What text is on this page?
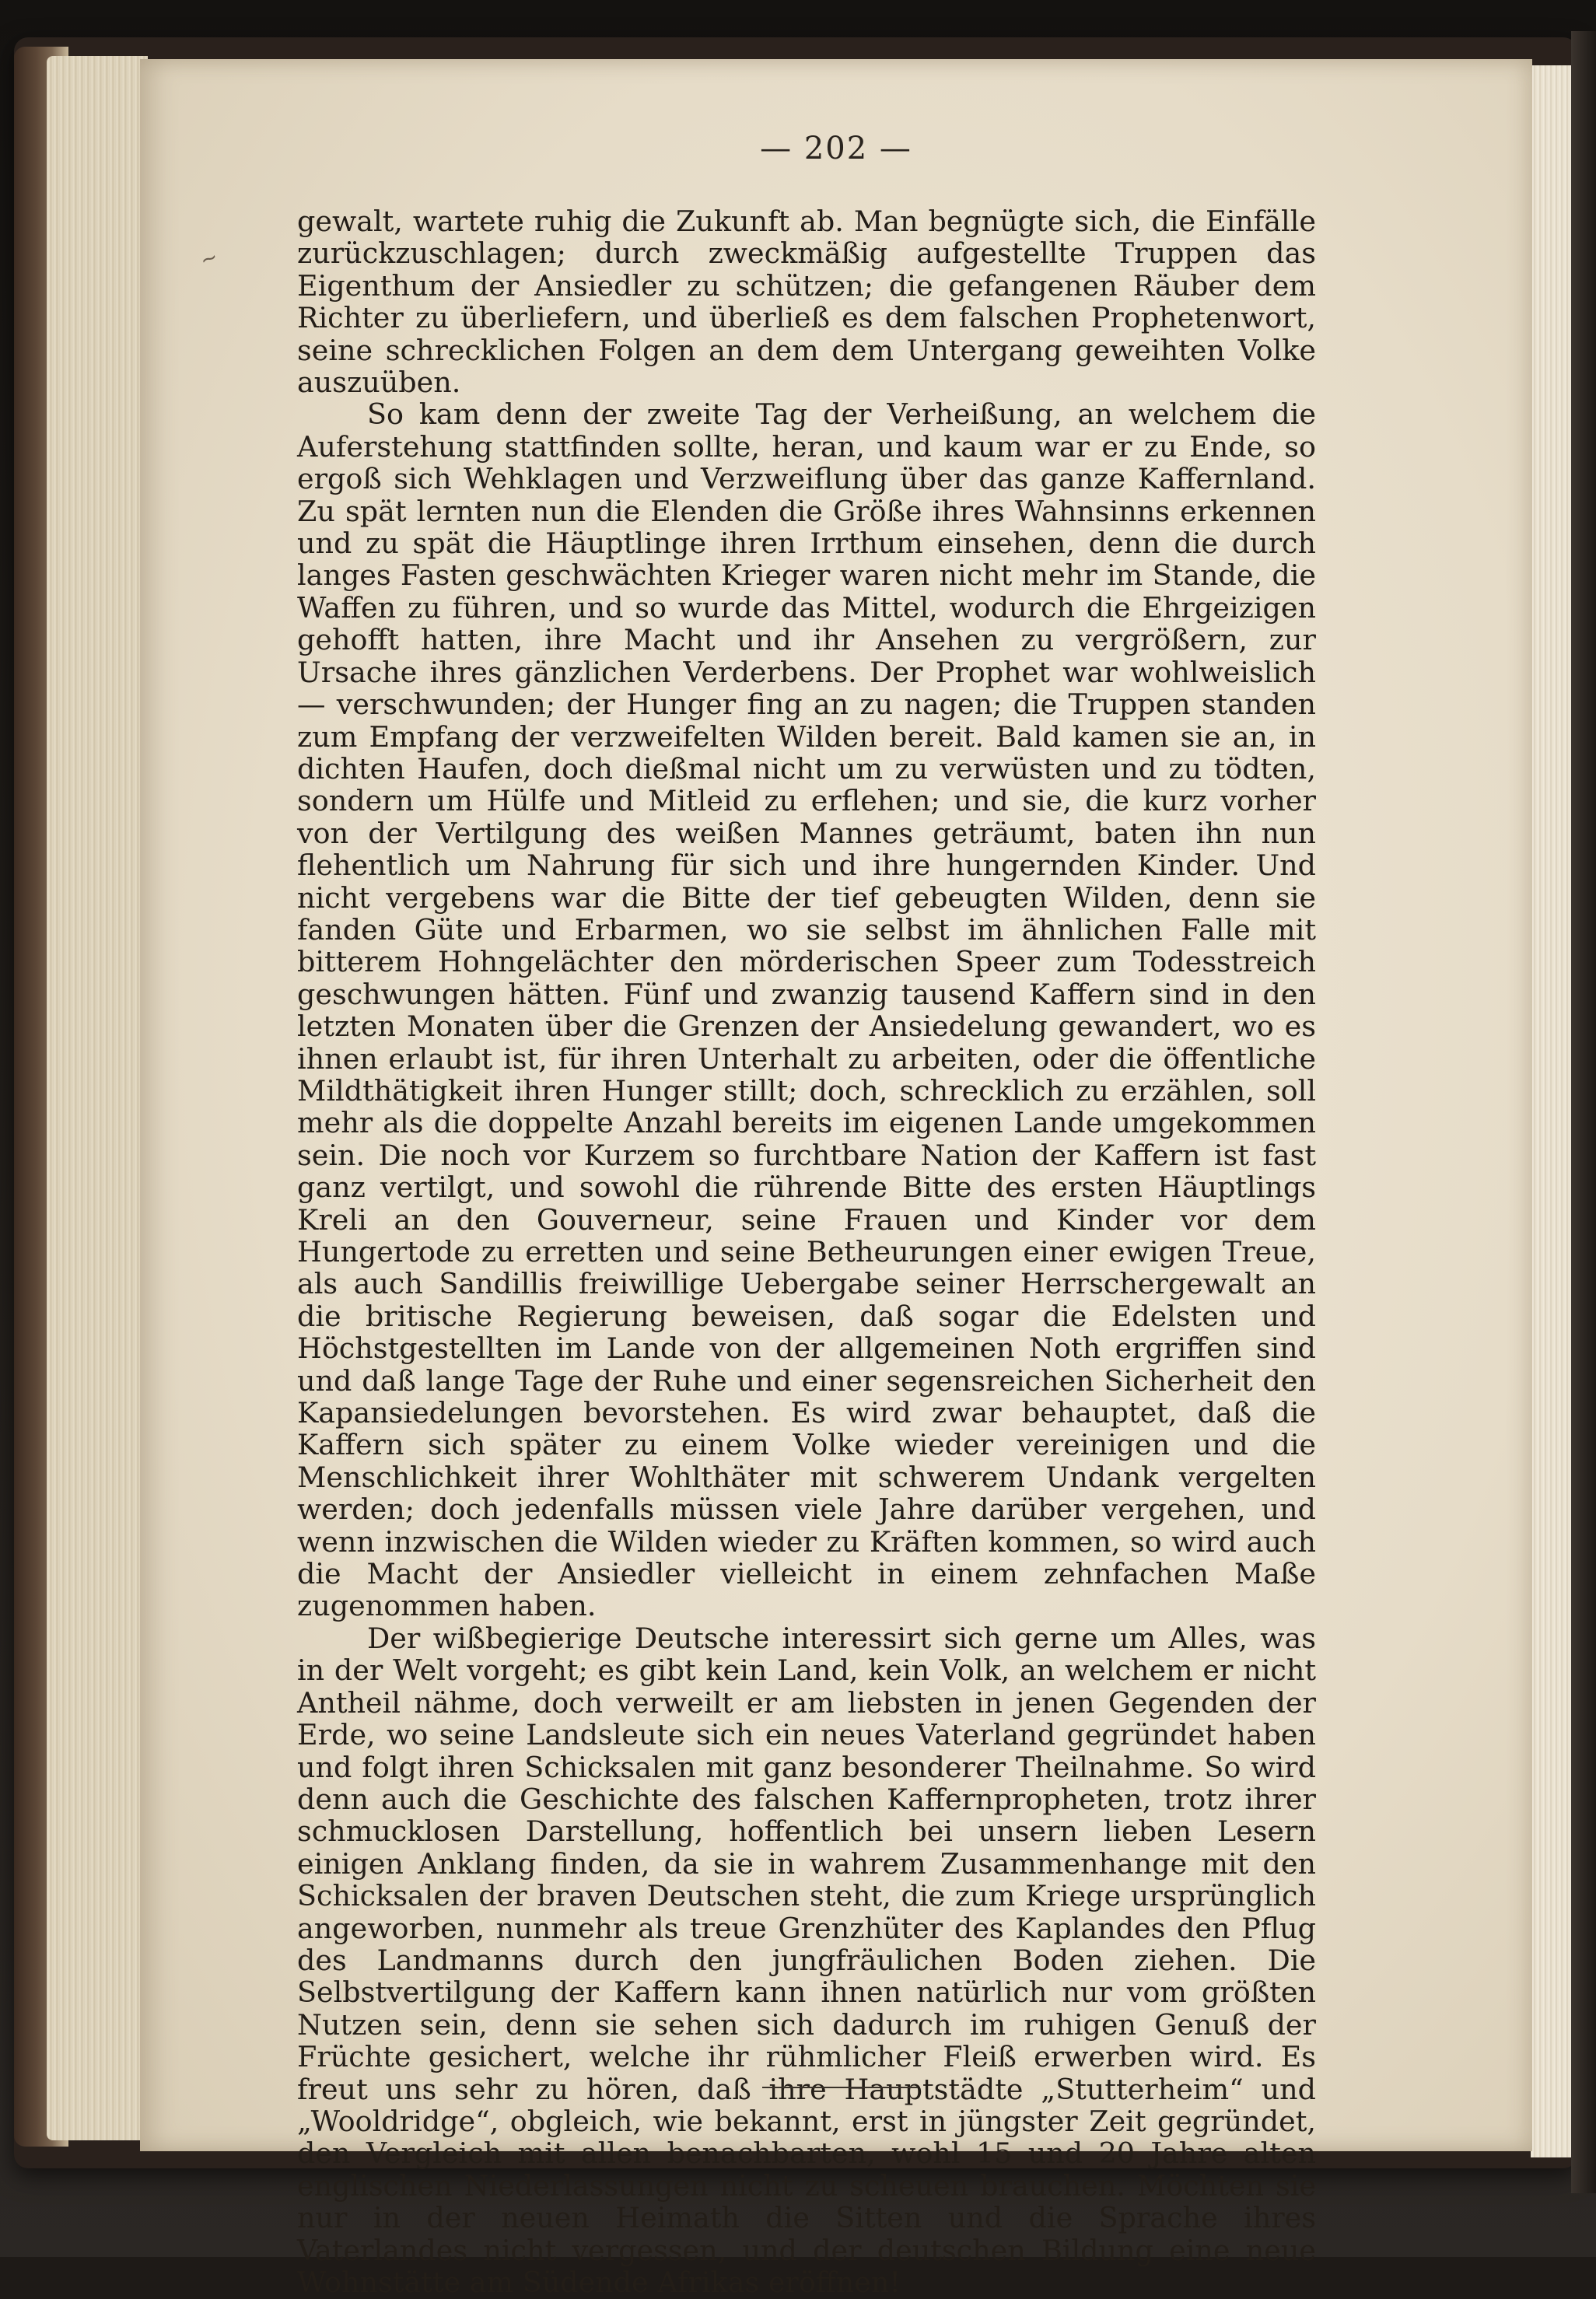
~
— 202 —

gewalt, wartete ruhig die Zukunft ab. Man begnügte sich, die Einfälle zurückzuschlagen; durch zweckmäßig aufgestellte Truppen das Eigenthum der Ansiedler zu schützen; die gefangenen Räuber dem Richter zu überliefern, und überließ es dem falschen Prophetenwort, seine schrecklichen Folgen an dem dem Untergang geweihten Volke auszuüben.

So kam denn der zweite Tag der Verheißung, an welchem die Auferstehung stattfinden sollte, heran, und kaum war er zu Ende, so ergoß sich Wehklagen und Verzweiflung über das ganze Kaffernland. Zu spät lernten nun die Elenden die Größe ihres Wahnsinns erkennen und zu spät die Häuptlinge ihren Irrthum einsehen, denn die durch langes Fasten geschwächten Krieger waren nicht mehr im Stande, die Waffen zu führen, und so wurde das Mittel, wodurch die Ehrgeizigen gehofft hatten, ihre Macht und ihr Ansehen zu vergrößern, zur Ursache ihres gänzlichen Verderbens. Der Prophet war wohlweislich — verschwunden; der Hunger fing an zu nagen; die Truppen standen zum Empfang der verzweifelten Wilden bereit. Bald kamen sie an, in dichten Haufen, doch dießmal nicht um zu verwüsten und zu tödten, sondern um Hülfe und Mitleid zu erflehen; und sie, die kurz vorher von der Vertilgung des weißen Mannes geträumt, baten ihn nun flehentlich um Nahrung für sich und ihre hungernden Kinder. Und nicht vergebens war die Bitte der tief gebeugten Wilden, denn sie fanden Güte und Erbarmen, wo sie selbst im ähnlichen Falle mit bitterem Hohngelächter den mörderischen Speer zum Todesstreich geschwungen hätten. Fünf und zwanzig tausend Kaffern sind in den letzten Monaten über die Grenzen der Ansiedelung gewandert, wo es ihnen erlaubt ist, für ihren Unterhalt zu arbeiten, oder die öffentliche Mildthätigkeit ihren Hunger stillt; doch, schrecklich zu erzählen, soll mehr als die doppelte Anzahl bereits im eigenen Lande umgekommen sein. Die noch vor Kurzem so furchtbare Nation der Kaffern ist fast ganz vertilgt, und sowohl die rührende Bitte des ersten Häuptlings Kreli an den Gouverneur, seine Frauen und Kinder vor dem Hungertode zu erretten und seine Betheurungen einer ewigen Treue, als auch Sandillis freiwillige Uebergabe seiner Herrschergewalt an die britische Regierung beweisen, daß sogar die Edelsten und Höchstgestellten im Lande von der allgemeinen Noth ergriffen sind und daß lange Tage der Ruhe und einer segensreichen Sicherheit den Kapansiedelungen bevorstehen. Es wird zwar behauptet, daß die Kaffern sich später zu einem Volke wieder vereinigen und die Menschlichkeit ihrer Wohlthäter mit schwerem Undank vergelten werden; doch jedenfalls müssen viele Jahre darüber vergehen, und wenn inzwischen die Wilden wieder zu Kräften kommen, so wird auch die Macht der Ansiedler vielleicht in einem zehnfachen Maße zugenommen haben.

Der wißbegierige Deutsche interessirt sich gerne um Alles, was in der Welt vorgeht; es gibt kein Land, kein Volk, an welchem er nicht Antheil nähme, doch verweilt er am liebsten in jenen Gegenden der Erde, wo seine Landsleute sich ein neues Vaterland gegründet haben und folgt ihren Schicksalen mit ganz besonderer Theilnahme. So wird denn auch die Geschichte des falschen Kaffernpropheten, trotz ihrer schmucklosen Darstellung, hoffentlich bei unsern lieben Lesern einigen Anklang finden, da sie in wahrem Zusammenhange mit den Schicksalen der braven Deutschen steht, die zum Kriege ursprünglich angeworben, nunmehr als treue Grenzhüter des Kaplandes den Pflug des Landmanns durch den jungfräulichen Boden ziehen. Die Selbstvertilgung der Kaffern kann ihnen natürlich nur vom größten Nutzen sein, denn sie sehen sich dadurch im ruhigen Genuß der Früchte gesichert, welche ihr rühmlicher Fleiß erwerben wird. Es freut uns sehr zu hören, daß ihre Hauptstädte „Stutterheim“ und „Wooldridge“, obgleich, wie bekannt, erst in jüngster Zeit gegründet, den Vergleich mit allen benachbarten, wohl 15 und 20 Jahre alten englischen Niederlassungen nicht zu scheuen brauchen. Möchten sie nur in der neuen Heimath die Sitten und die Sprache ihres Vaterlandes nicht vergessen, und der deutschen Bildung eine neue Wohnstätte am Südende Afrikas eröffnen!
